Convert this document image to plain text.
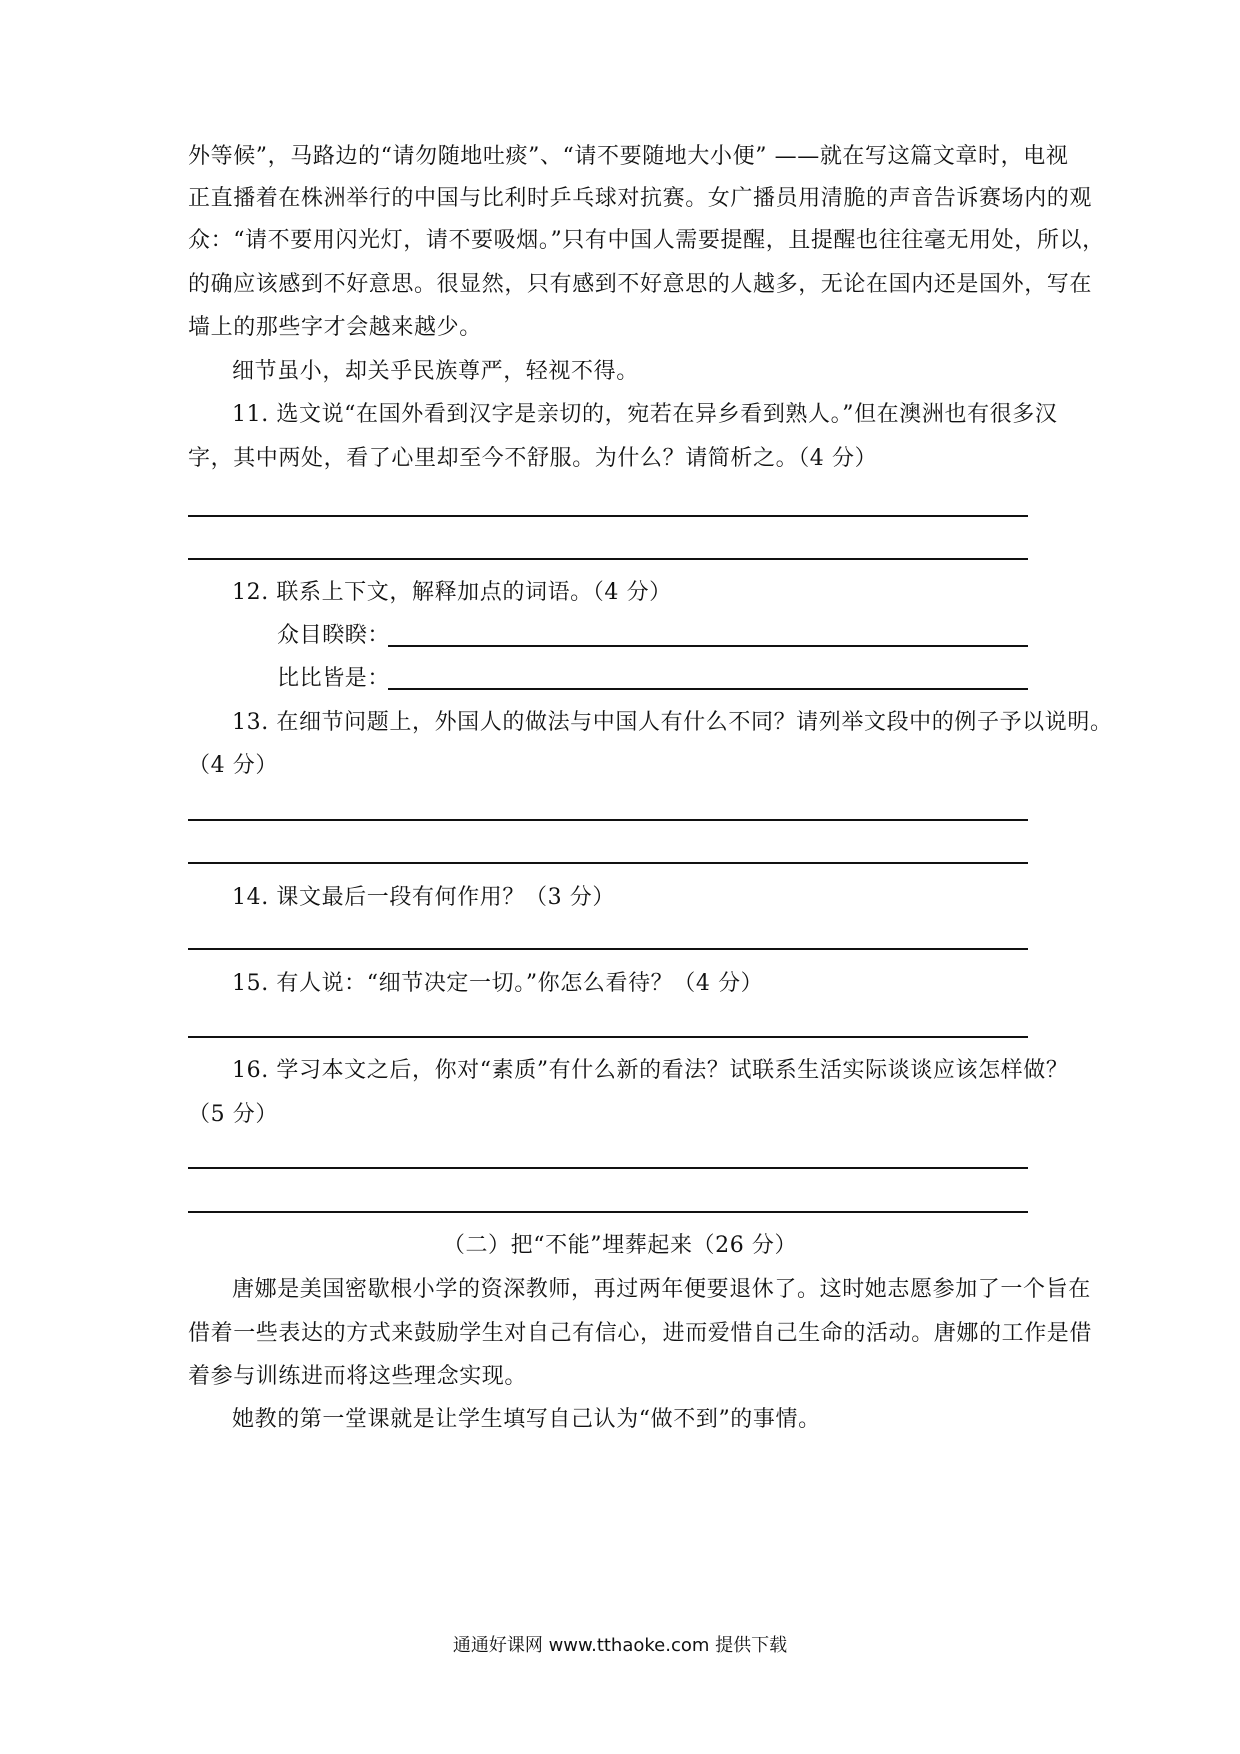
外等候”，马路边的“请勿随地吐痰”、“请不要随地大小便” ——就在写这篇文章时，电视
正直播着在株洲举行的中国与比利时乒乓球对抗赛。女广播员用清脆的声音告诉赛场内的观
众：“请不要用闪光灯，请不要吸烟。”只有中国人需要提醒，且提醒也往往毫无用处，所以，
的确应该感到不好意思。很显然，只有感到不好意思的人越多，无论在国内还是国外，写在
墙上的那些字才会越来越少。
细节虽小，却关乎民族尊严，轻视不得。
11. 选文说“在国外看到汉字是亲切的，宛若在异乡看到熟人。”但在澳洲也有很多汉
字，其中两处，看了心里却至今不舒服。为什么？请简析之。（4 分）
12. 联系上下文，解释加点的词语。（4 分）
众目睽睽：
比比皆是：
13. 在细节问题上，外国人的做法与中国人有什么不同？请列举文段中的例子予以说明。
（4 分）
14. 课文最后一段有何作用？（3 分）
15. 有人说：“细节决定一切。”你怎么看待？（4 分）
16. 学习本文之后，你对“素质”有什么新的看法？试联系生活实际谈谈应该怎样做？
（5 分）
（二）把“不能”埋葬起来（26 分）
唐娜是美国密歇根小学的资深教师，再过两年便要退休了。这时她志愿参加了一个旨在
借着一些表达的方式来鼓励学生对自己有信心，进而爱惜自己生命的活动。唐娜的工作是借
着参与训练进而将这些理念实现。
她教的第一堂课就是让学生填写自己认为“做不到”的事情。
通通好课网 www.tthaoke.com 提供下载
